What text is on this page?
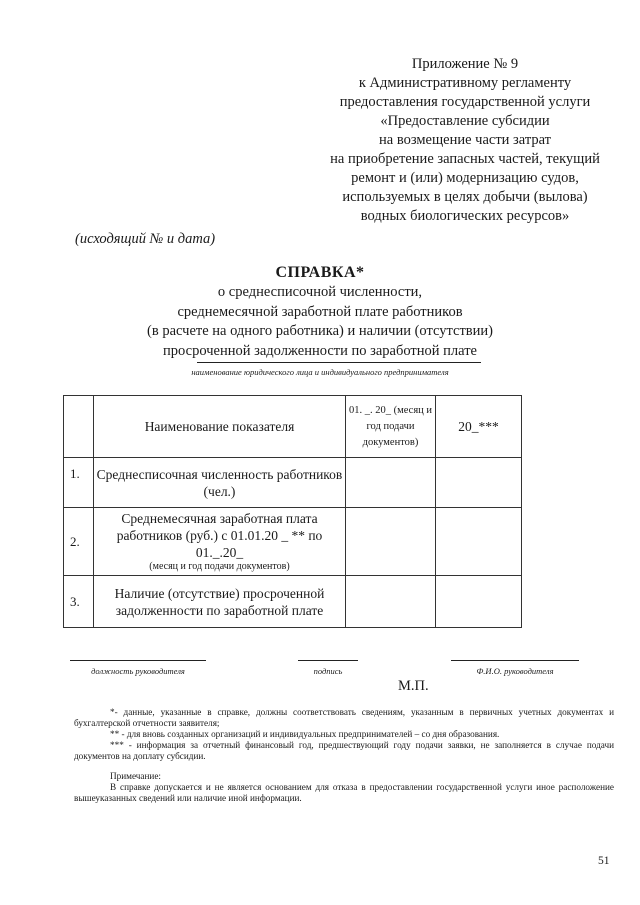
Приложение № 9
к Административному регламенту
предоставления государственной услуги
«Предоставление субсидии
на возмещение части затрат
на приобретение запасных частей, текущий
ремонт и (или) модернизацию судов,
используемых в целях добычи (вылова)
водных биологических ресурсов»
(исходящий № и дата)
СПРАВКА*
о среднесписочной численности,
среднемесячной заработной плате работников
(в расчете на одного работника) и наличии (отсутствии)
просроченной задолженности по заработной плате
наименование юридического лица и индивидуального предпринимателя
	Наименование показателя	01. _. 20_ (месяц и год подачи документов)	20_***
1.	Среднесписочная численность работников (чел.)		
2.	Среднемесячная заработная плата работников (руб.) с 01.01.20 _ ** по 01._.20_
(месяц и год подачи документов)		

3.	Наличие (отсутствие) просроченной задолженности по заработной плате		
должность руководителя	подпись	Ф.И.О. руководителя
М.П.

*- данные, указанные в справке, должны соответствовать сведениям, указанным в первичных учетных документах и бухгалтерской отчетности заявителя;

** - для вновь созданных организаций и индивидуальных предпринимателей – со дня образования.

*** - информация за отчетный финансовый год, предшествующий году подачи заявки, не заполняется в случае подачи документов на доплату субсидии.

Примечание:

В справке допускается и не является основанием для отказа в предоставлении государственной услуги иное расположение вышеуказанных сведений или наличие иной информации.

51
